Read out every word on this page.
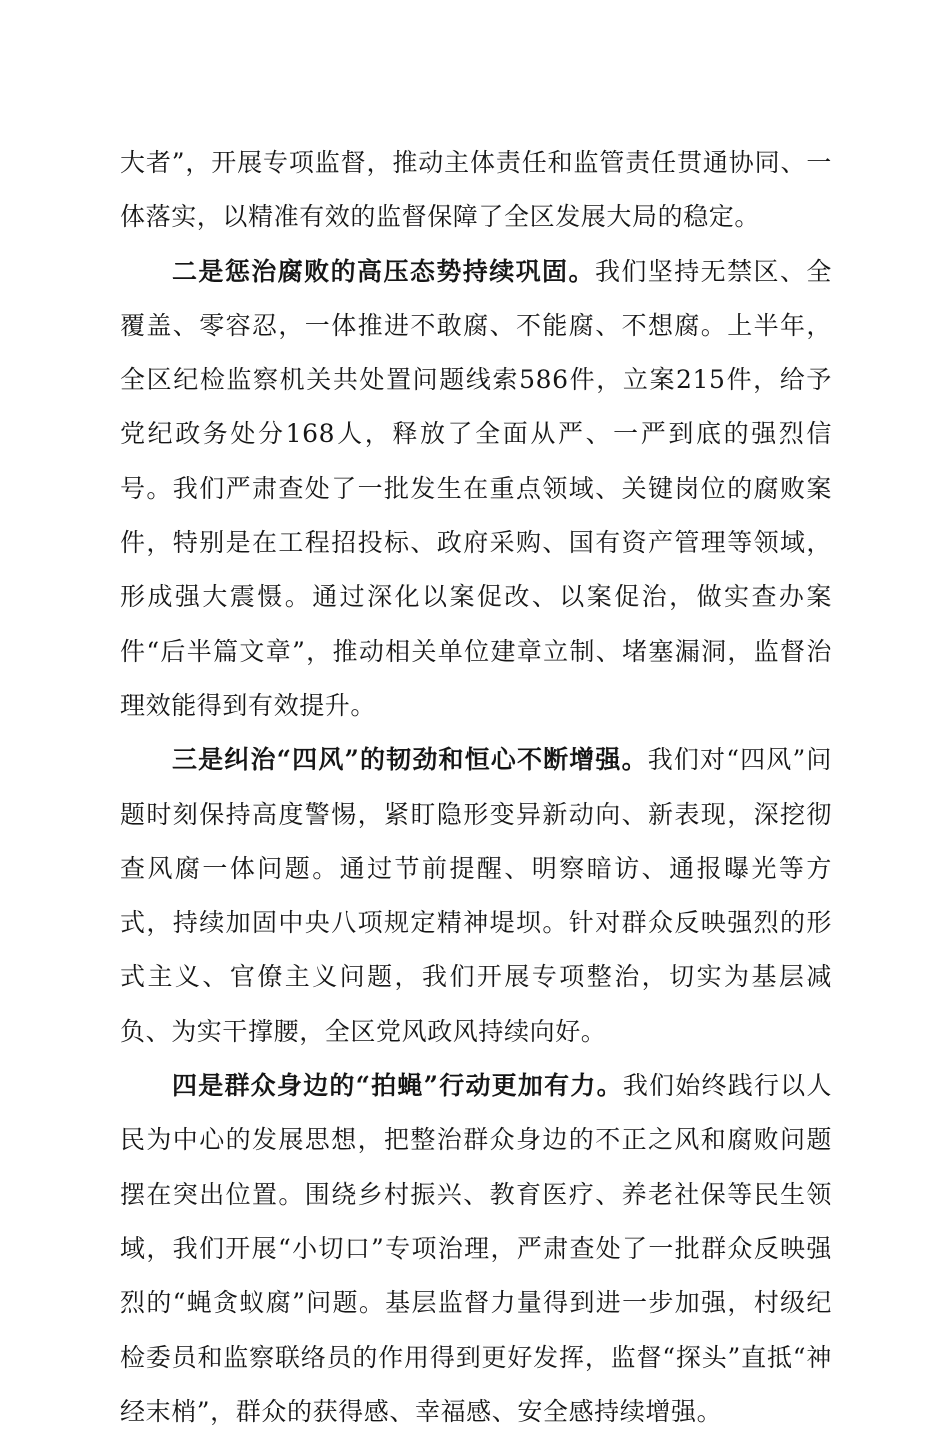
大者”，开展专项监督，推动主体责任和监管责任贯通协同、一体落实，以精准有效的监督保障了全区发展大局的稳定。

二是惩治腐败的高压态势持续巩固。我们坚持无禁区、全覆盖、零容忍，一体推进不敢腐、不能腐、不想腐。上半年，全区纪检监察机关共处置问题线索586件，立案215件，给予党纪政务处分168人，释放了全面从严、一严到底的强烈信号。我们严肃查处了一批发生在重点领域、关键岗位的腐败案件，特别是在工程招投标、政府采购、国有资产管理等领域，形成强大震慑。通过深化以案促改、以案促治，做实查办案件“后半篇文章”，推动相关单位建章立制、堵塞漏洞，监督治理效能得到有效提升。

三是纠治“四风”的韧劲和恒心不断增强。我们对“四风”问题时刻保持高度警惕，紧盯隐形变异新动向、新表现，深挖彻查风腐一体问题。通过节前提醒、明察暗访、通报曝光等方式，持续加固中央八项规定精神堤坝。针对群众反映强烈的形式主义、官僚主义问题，我们开展专项整治，切实为基层减负、为实干撑腰，全区党风政风持续向好。

四是群众身边的“拍蝇”行动更加有力。我们始终践行以人民为中心的发展思想，把整治群众身边的不正之风和腐败问题摆在突出位置。围绕乡村振兴、教育医疗、养老社保等民生领域，我们开展“小切口”专项治理，严肃查处了一批群众反映强烈的“蝇贪蚁腐”问题。基层监督力量得到进一步加强，村级纪检委员和监察联络员的作用得到更好发挥，监督“探头”直抵“神经末梢”，群众的获得感、幸福感、安全感持续增强。
